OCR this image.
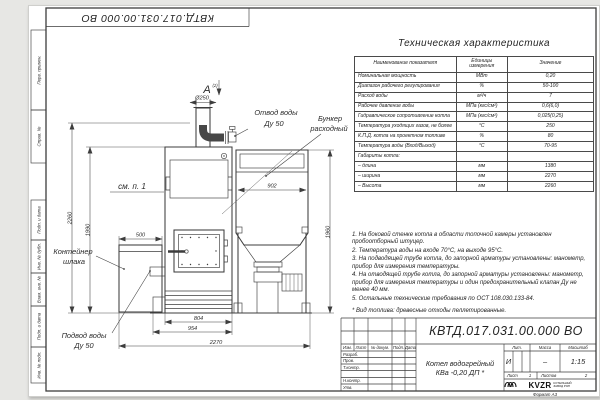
Перв. примен.
Справ. №
Подп. и дата
Инв. № дубл.
Взам. инв. №
Подп. и дата
Инв. № подл.
Ø250
902
2260
1990	1960
500
804
954
2270
А (2)
Отвод воды
Ду 50
Бункер
расходный
см. п. 1
Контейнер
шлака
Подвод воды
Ду 50
КВТД.017.031.00.000 ВО
Техническая характеристика
Наименование показателя	Единицы измерения	Значение
Номинальная мощность	МВт	0,20
Диапазон рабочего регулирования	%	50-100
Расход воды	м³/ч	7
Рабочее давление воды	МПа (кгс/см²)	0,6(6,0)
Гидравлическое сопротивление котла	МПа (кгс/см²)	0,025(0,25)
Температура уходящих газов, не более	°С	250
К.П.Д. котла на проектном топливе	%	80
Температура воды (Вход/Выход)	°С	70-95
Габариты котла:		
– длина	мм	1380
– ширина	мм	2270
– Высота	мм	2260

1. На боковой стенке котла в области топочной камеры установлен пробоотборный штуцер.

2. Температура воды на входе 70°С, на выходе 95°С.

3. На подводящей трубе котла, до запорной арматуры установлены: манометр, прибор для измерения температуры.

4. На отводящей трубе котла, до запорной арматуры установлены: манометр, прибор для измерения температуры и один предохранительный клапан Ду не менее 40 мм.

5. Остальные технические требования по ОСТ 108.030.133-84.

* Вид топлива: древесные отходы пеллетированные.

КВТД.017.031.00.000 ВО
Изм. Лист	№ докум. Подп. Дата
Разраб.
Пров.
Т.контр.
Н.контр.
Утв.
Котел водогрейный
КВа -0,20 ДП *
Лит.	Масса	Масштаб
И	–	1:15
Лист	1	Листов	2
KVZR КОТЕЛЬНЫЙ
ЗАВОД РЭП
Формат А3
